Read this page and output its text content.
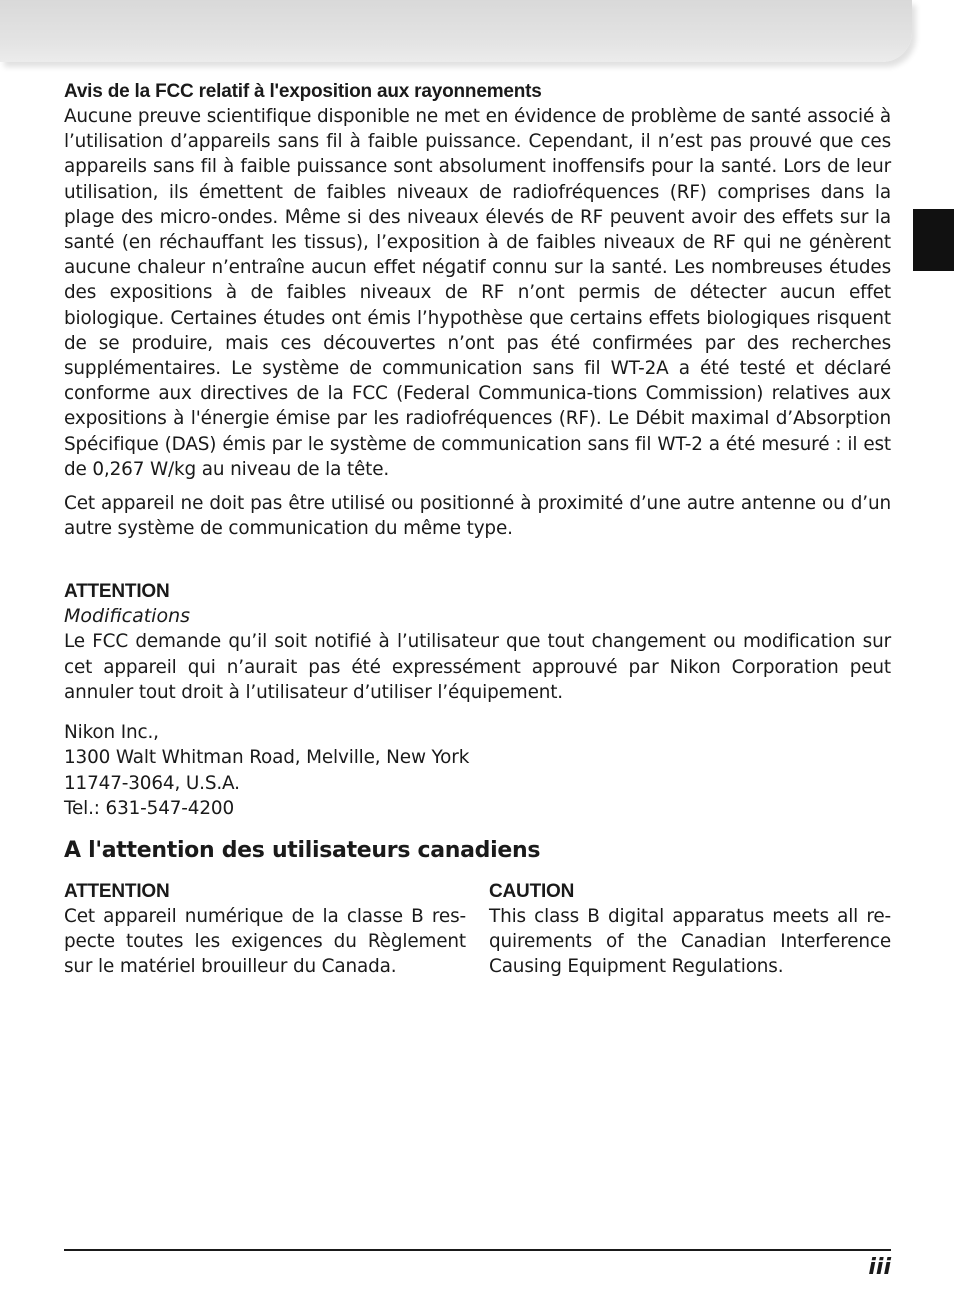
Avis de la FCC relatif à l'exposition aux rayonnements

Aucune preuve scientifique disponible ne met en évidence de problème de santé associé à l’utilisation d’appareils sans fil à faible puissance. Cependant, il n’est pas prouvé que ces appareils sans fil à faible puissance sont absolument inoffensifs pour la santé. Lors de leur utilisation, ils émettent de faibles niveaux de radiofréquences (RF) comprises dans la plage des micro-ondes. Même si des niveaux élevés de RF peuvent avoir des effets sur la santé (en réchauffant les tissus), l’exposition à de faibles niveaux de RF qui ne génèrent aucune chaleur n’entraîne aucun effet négatif connu sur la santé. Les nombreuses études des expositions à de faibles niveaux de RF n’ont permis de détecter aucun effet biologique. Certaines études ont émis l’hypothèse que certains effets biologiques risquent de se produire, mais ces découvertes n’ont pas été confirmées par des recherches supplémentaires. Le système de communication sans fil WT-2A a été testé et déclaré conforme aux directives de la FCC (Federal Communica-tions Commission) relatives aux expositions à l'énergie émise par les radiofréquences (RF). Le Débit maximal d’Absorption Spécifique (DAS) émis par le système de communication sans fil WT-2 a été mesuré : il est de 0,267 W/kg au niveau de la tête.

Cet appareil ne doit pas être utilisé ou positionné à proximité d’une autre antenne ou d’un autre système de communication du même type.

ATTENTION

Modifications

Le FCC demande qu’il soit notifié à l’utilisateur que tout changement ou modification sur cet appareil qui n’aurait pas été expressément approuvé par Nikon Corporation peut annuler tout droit à l’utilisateur d’utiliser l’équipement.

Nikon Inc.,

1300 Walt Whitman Road, Melville, New York

11747-3064, U.S.A.

Tel.: 631-547-4200

A l'attention des utilisateurs canadiens
ATTENTION

Cet appareil numérique de la classe B res-pecte toutes les exigences du Règlement sur le matériel brouilleur du Canada.

CAUTION

This class B digital apparatus meets all re-quirements of the Canadian Interference Causing Equipment Regulations.

iii
